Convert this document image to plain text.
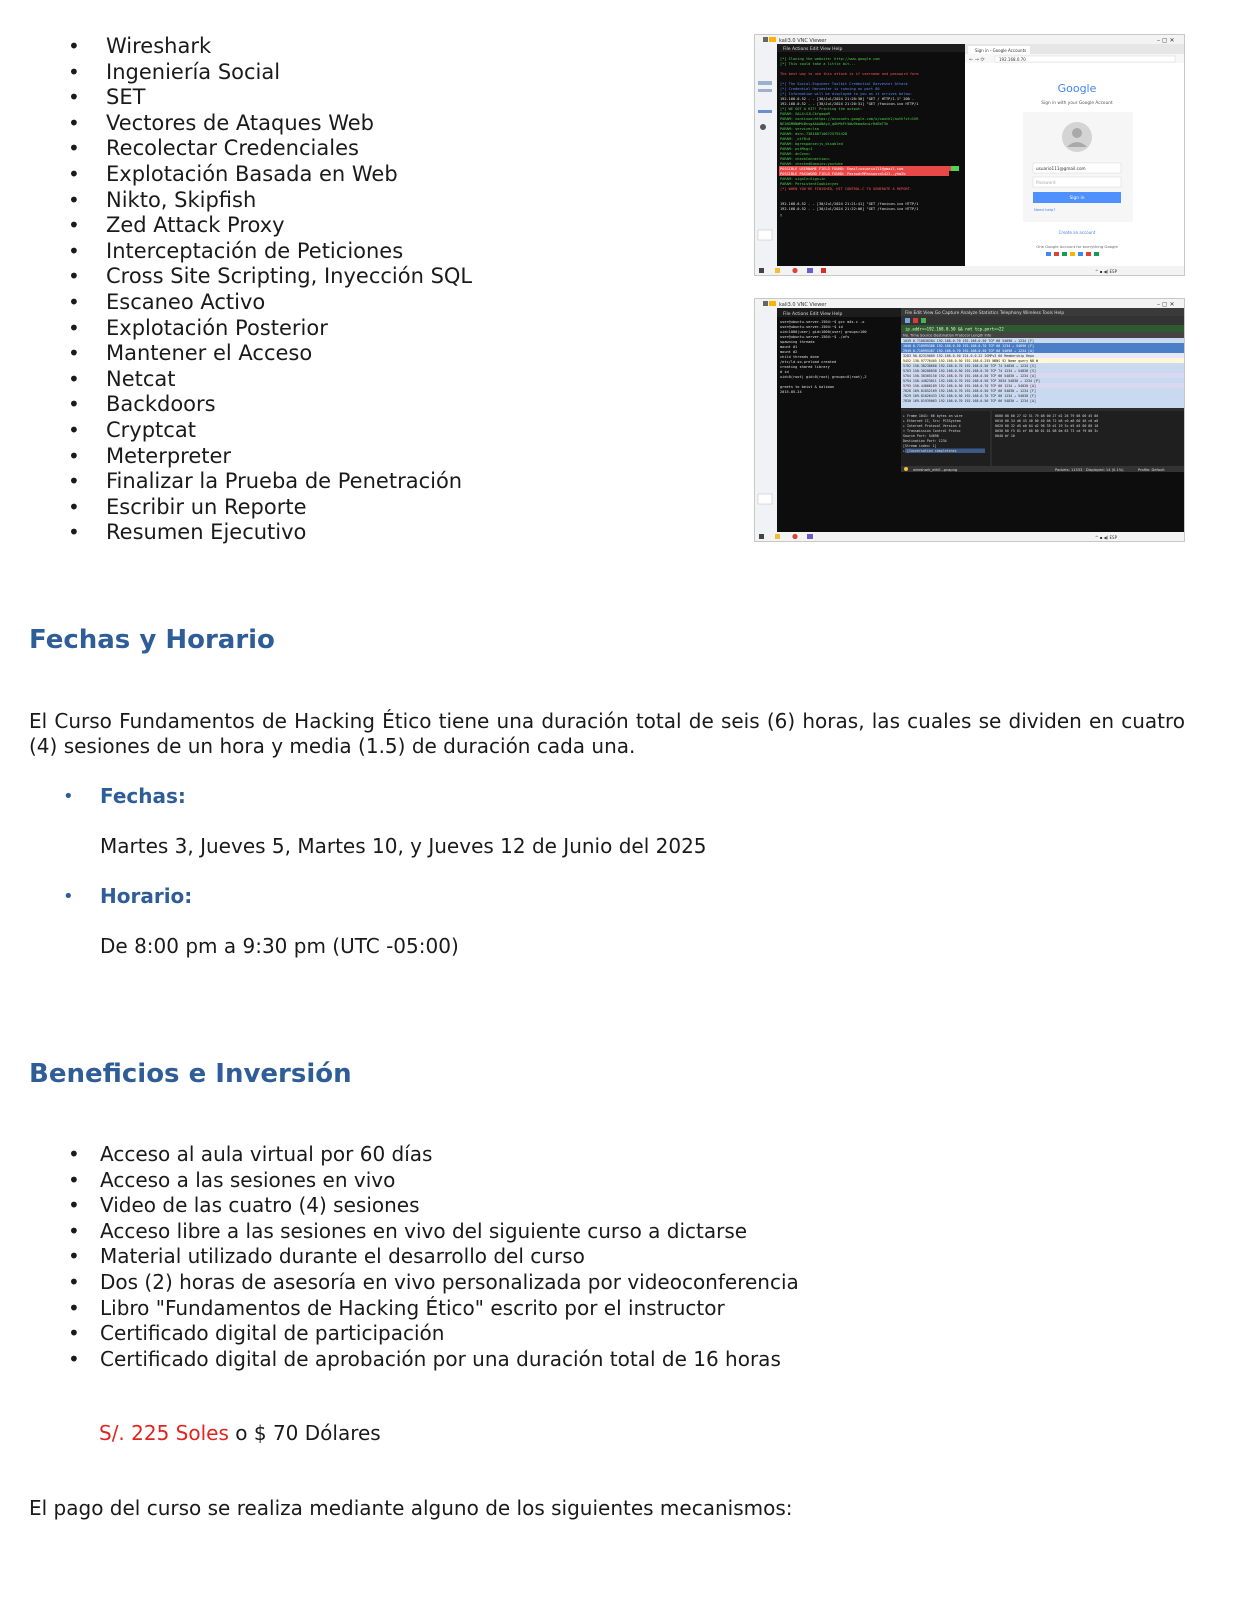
• Wireshark
• Ingeniería Social
• SET
• Vectores de Ataques Web
• Recolectar Credenciales
• Explotación Basada en Web
• Nikto, Skipfish
• Zed Attack Proxy
• Interceptación de Peticiones
• Cross Site Scripting, Inyección SQL
• Escaneo Activo
• Explotación Posterior
• Mantener el Acceso
• Netcat
• Backdoors
• Cryptcat
• Meterpreter
• Finalizar la Prueba de Penetración
• Escribir un Reporte
• Resumen Ejecutivo
kali3.0 VNC Viewer	– ▢ ✕
File Actions Edit View Help
[*] Cloning the website: http://www.google.com
[*] This could take a little bit...
The best way to use this attack is if username and password form
[*] The Social-Engineer Toolkit Credential Harvester Attack
[*] Credential Harvester is running on port 80
[*] Information will be displayed to you as it arrives below:
192.168.0.52 - - [30/Jul/2024 21:20:30] "GET / HTTP/1.1" 200 -
192.168.0.52 - - [30/Jul/2024 21:20:31] "GET /favicon.ico HTTP/1
[*] WE GOT A HIT! Printing the output:
PARAM: GALX=SJLCkfgaqoM
PARAM: continue=https://accounts.google.com/o/oauth2/auth?zt=ChR
NE2NGM0NWMxBnsgAAAANAy4_qOhMhFt5Ww9kmaAeuLrRdEbT3h
PARAM: service=lso
PARAM: dsh=-7381887106725792428
PARAM: _utf8=â
PARAM: bgresponse=js_disabled
PARAM: pstMsg=1
PARAM: dnConn=
PARAM: checkConnection=
PARAM: checkedDomains=youtube
POSSIBLE USERNAME FIELD FOUND: Email=usuario111@gmail.com
POSSIBLE PASSWORD FIELD FOUND: Passwd=MPassword1423..yhm2b
PARAM: signIn=Sign+in
PARAM: PersistentCookie=yes
[*] WHEN YOU'RE FINISHED, HIT CONTROL-C TO GENERATE A REPORT.
192.168.0.52 - - [30/Jul/2024 21:21:41] "GET /favicon.ico HTTP/1
192.168.0.52 - - [30/Jul/2024 21:22:06] "GET /favicon.ico HTTP/1
▯
Sign in - Google Accounts
← → ⟳	192.168.0.70
Google
Sign in with your Google Account
usuario111@gmail.com
Password
Sign in
Need help?
Create an account
One Google Account for everything Google
^ ▪ ◀) ESP
kali3.0 VNC Viewer	– ▢ ✕
File Actions Edit View Help
user@ubuntu-server-1504:~$ gcc m4s.c -o
user@ubuntu-server-1504:~$ id
uid=1000(user) gid=1000(user) groups=100
user@ubuntu-server-1504:~$ ./ofs
spawning threads
mount #1
mount #2
child threads done
/etc/ld.so.preload created
creating shared library
# id
uid=0(root) gid=0(root) groups=0(root),2
greets to beist & kaliman
2015-05-24
File Edit View Go Capture Analyze Statistics Telephony Wireless Tools Help
ip.addr==192.168.0.50 && not tcp.port==22
No. Time Source Destination Protocol Length Info
1039 0.718838384 192.168.0.70 192.168.0.50 TCP 66 54690 → 1234 [F]
1040 0.718995386 192.168.0.50 192.168.0.70 TCP 66 1234 → 54690 [F]
2949 0.718995387 192.168.0.70 192.168.0.50 TCP 66 54690 → 1234 [A]
3283 90.82319089 192.168.0.50 224.0.0.22 IGMPv3 60 Membership Repo
5452 130.97776405 192.168.0.50 192.168.0.255 NBNS 92 Name query NB W
5782 150.38238600 192.168.0.70 192.168.0.50 TCP 74 54830 → 1234 [S]
5783 150.38286838 192.168.0.50 192.168.0.70 TCP 74 1234 → 54830 [S]
5784 150.38305150 192.168.0.70 192.168.0.50 TCP 66 54830 → 1234 [A]
5794 150.44823011 192.168.0.70 192.168.0.50 TCP 3034 54830 → 1234 [P]
5795 150.44866189 192.168.0.50 192.168.0.70 TCP 66 1234 → 54830 [A]
7828 169.81852169 192.168.0.70 192.168.0.50 TCP 66 54830 → 1234 [F]
7829 169.81826433 192.168.0.50 192.168.0.70 TCP 66 1234 → 54830 [F]
7830 169.81939063 192.168.0.70 192.168.0.50 TCP 66 54830 → 1234 [A]
▸ Frame 1041: 66 bytes on wire
▸ Ethernet II, Src: PCSSystem
▸ Internet Protocol Version 4
▾ Transmission Control Protoc
Source Port: 54690
Destination Port: 1234
[Stream index: 1]
▸ [Conversation completenes
0000 08 00 27 42 51 79 08 00 27 d2 26 79 08 00 45 00
0010 00 34 d6 43 40 00 40 06 72 b8 c0 a8 00 46 c0 a8
0020 00 32 d5 a0 04 d2 96 35 d1 19 3c d5 d5 00 80 10
0030 00 f5 81 ef 00 00 01 01 08 0a 63 73 cd f9 00 3c
0040 bf 16
wireshark_eth0...pcapng	Packets: 11553 · Displayed: 14 (0.1%)	Profile: Default
^ ▪ ◀) ESP
Fechas y Horario

El Curso Fundamentos de Hacking Ético tiene una duración total de seis (6) horas, las cuales se dividen en cuatro (4) sesiones de un hora y media (1.5) de duración cada una.

• Fechas:
Martes 3, Jueves 5, Martes 10, y Jueves 12 de Junio del 2025
• Horario:
De 8:00 pm a 9:30 pm (UTC -05:00)
Beneficios e Inversión
• Acceso al aula virtual por 60 días
• Acceso a las sesiones en vivo
• Video de las cuatro (4) sesiones
• Acceso libre a las sesiones en vivo del siguiente curso a dictarse
• Material utilizado durante el desarrollo del curso
• Dos (2) horas de asesoría en vivo personalizada por videoconferencia
• Libro "Fundamentos de Hacking Ético" escrito por el instructor
• Certificado digital de participación
• Certificado digital de aprobación por una duración total de 16 horas
S/. 225 Soles o $ 70 Dólares

El pago del curso se realiza mediante alguno de los siguientes mecanismos:
